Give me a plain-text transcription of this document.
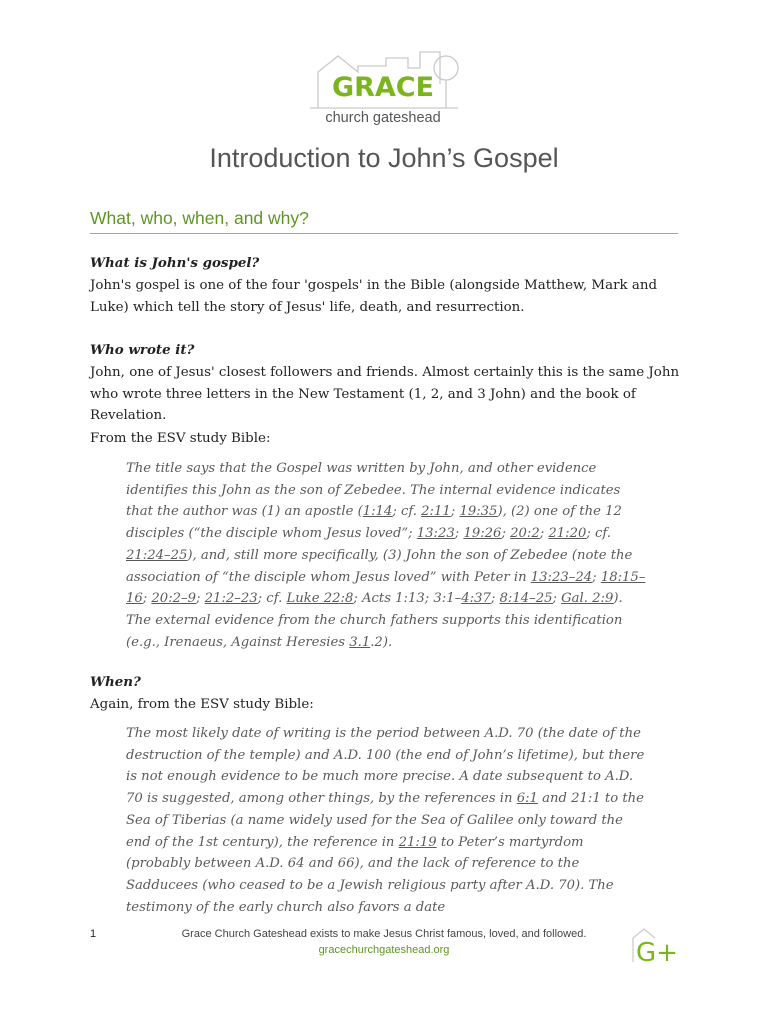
GRACE
church gateshead
Introduction to John’s Gospel
What, who, when, and why?
What is John's gospel?
John's gospel is one of the four 'gospels' in the Bible (alongside Matthew, Mark and Luke) which tell the story of Jesus' life, death, and resurrection.
Who wrote it?
John, one of Jesus' closest followers and friends. Almost certainly this is the same John who wrote three letters in the New Testament (1, 2, and 3 John) and the book of Revelation.
From the ESV study Bible:
The title says that the Gospel was written by John, and other evidence identifies this John as the son of Zebedee. The internal evidence indicates that the author was (1) an apostle (1:14; cf. 2:11; 19:35), (2) one of the 12 disciples (“the disciple whom Jesus loved”; 13:23; 19:26; 20:2; 21:20; cf. 21:24–25), and, still more specifically, (3) John the son of Zebedee (note the association of “the disciple whom Jesus loved” with Peter in 13:23–24; 18:15–16; 20:2–9; 21:2–23; cf. Luke 22:8; Acts 1:13; 3:1–4:37; 8:14–25; Gal. 2:9). The external evidence from the church fathers supports this identification (e.g., Irenaeus, Against Heresies 3.1.2).
When?
Again, from the ESV study Bible:
The most likely date of writing is the period between A.D. 70 (the date of the destruction of the temple) and A.D. 100 (the end of John’s lifetime), but there is not enough evidence to be much more precise. A date subsequent to A.D. 70 is suggested, among other things, by the references in 6:1 and 21:1 to the Sea of Tiberias (a name widely used for the Sea of Galilee only toward the end of the 1st century), the reference in 21:19 to Peter’s martyrdom (probably between A.D. 64 and 66), and the lack of reference to the Sadducees (who ceased to be a Jewish religious party after A.D. 70). The testimony of the early church also favors a date
1	Grace Church Gateshead exists to make Jesus Christ famous, loved, and followed.
gracechurchgateshead.org	G+
